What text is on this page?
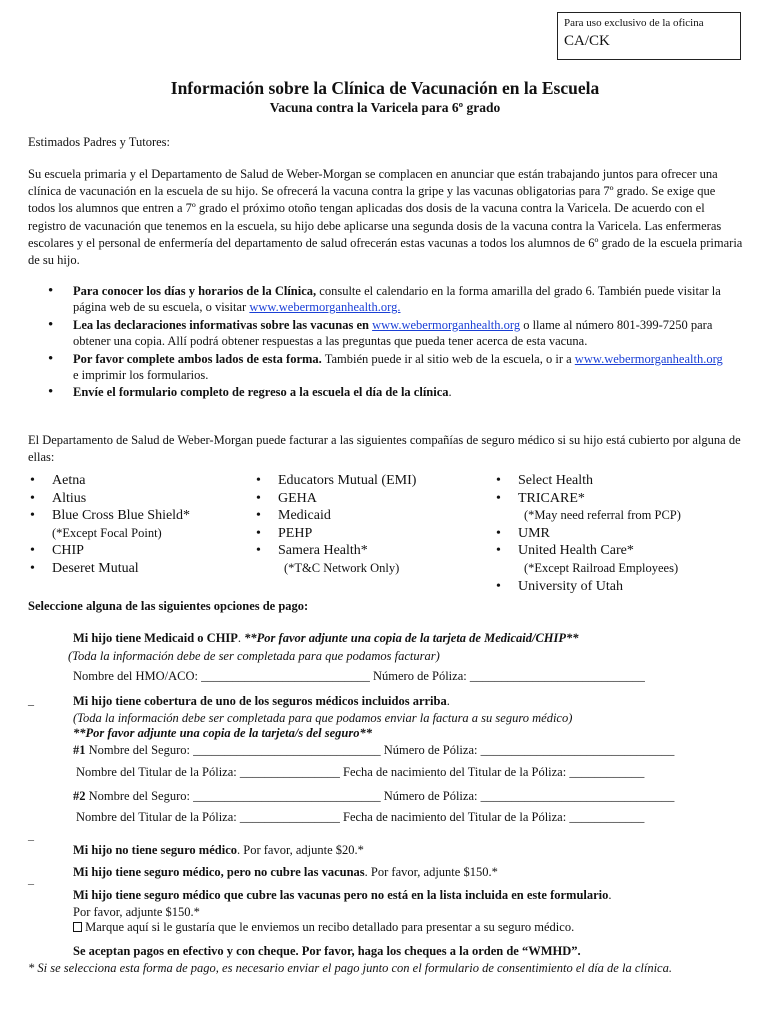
Para uso exclusivo de la oficina
CA/CK
Información sobre la Clínica de Vacunación en la Escuela
Vacuna contra la Varicela para 6º grado
Estimados Padres y Tutores:
Su escuela primaria y el Departamento de Salud de Weber-Morgan se complacen en anunciar que están trabajando juntos para ofrecer una clínica de vacunación en la escuela de su hijo. Se ofrecerá la vacuna contra la gripe y las vacunas obligatorias para 7º grado. Se exige que todos los alumnos que entren a 7º grado el próximo otoño tengan aplicadas dos dosis de la vacuna contra la Varicela. De acuerdo con el registro de vacunación que tenemos en la escuela, su hijo debe aplicarse una segunda dosis de la vacuna contra la Varicela. Las enfermeras escolares y el personal de enfermería del departamento de salud ofrecerán estas vacunas a todos los alumnos de 6º grado de la escuela primaria de su hijo.
• Para conocer los días y horarios de la Clínica, consulte el calendario en la forma amarilla del grado 6. También puede visitar la página web de su escuela, o visitar www.webermorganhealth.org.
• Lea las declaraciones informativas sobre las vacunas en www.webermorganhealth.org o llame al número 801-399-7250 para obtener una copia. Allí podrá obtener respuestas a las preguntas que pueda tener acerca de esta vacuna.
• Por favor complete ambos lados de esta forma. También puede ir al sitio web de la escuela, o ir a www.webermorganhealth.org e imprimir los formularios.
• Envíe el formulario completo de regreso a la escuela el día de la clínica.
El Departamento de Salud de Weber-Morgan puede facturar a las siguientes compañías de seguro médico si su hijo está cubierto por alguna de ellas:
• Aetna
• Altius
• Blue Cross Blue Shield*
(*Except Focal Point)
• CHIP
• Deseret Mutual
• Educators Mutual (EMI)
• GEHA
• Medicaid
• PEHP
• Samera Health*
(*T&C Network Only)
• Select Health
• TRICARE*
(*May need referral from PCP)
• UMR
• United Health Care*
(*Except Railroad Employees)
• University of Utah
Seleccione alguna de las siguientes opciones de pago:
Mi hijo tiene Medicaid o CHIP. **Por favor adjunte una copia de la tarjeta de Medicaid/CHIP**
(Toda la información debe de ser completada para que podamos facturar)
Nombre del HMO/ACO: ___________________________ Número de Póliza: ____________________________
_	Mi hijo tiene cobertura de uno de los seguros médicos incluidos arriba.
(Toda la información debe ser completada para que podamos enviar la factura a su seguro médico)
**Por favor adjunte una copia de la tarjeta/s del seguro**
#1 Nombre del Seguro: ______________________________ Número de Póliza: _______________________________
Nombre del Titular de la Póliza: ________________ Fecha de nacimiento del Titular de la Póliza: ____________
#2 Nombre del Seguro: ______________________________ Número de Póliza: _______________________________
Nombre del Titular de la Póliza: ________________ Fecha de nacimiento del Titular de la Póliza: ____________
¯	Mi hijo no tiene seguro médico. Por favor, adjunte $20.*
Mi hijo tiene seguro médico, pero no cubre las vacunas. Por favor, adjunte $150.*
¯	Mi hijo tiene seguro médico que cubre las vacunas pero no está en la lista incluida en este formulario.
Por favor, adjunte $150.*
Marque aquí si le gustaría que le enviemos un recibo detallado para presentar a su seguro médico.
Se aceptan pagos en efectivo y con cheque. Por favor, haga los cheques a la orden de “WMHD”.
* Si se selecciona esta forma de pago, es necesario enviar el pago junto con el formulario de consentimiento el día de la clínica.
